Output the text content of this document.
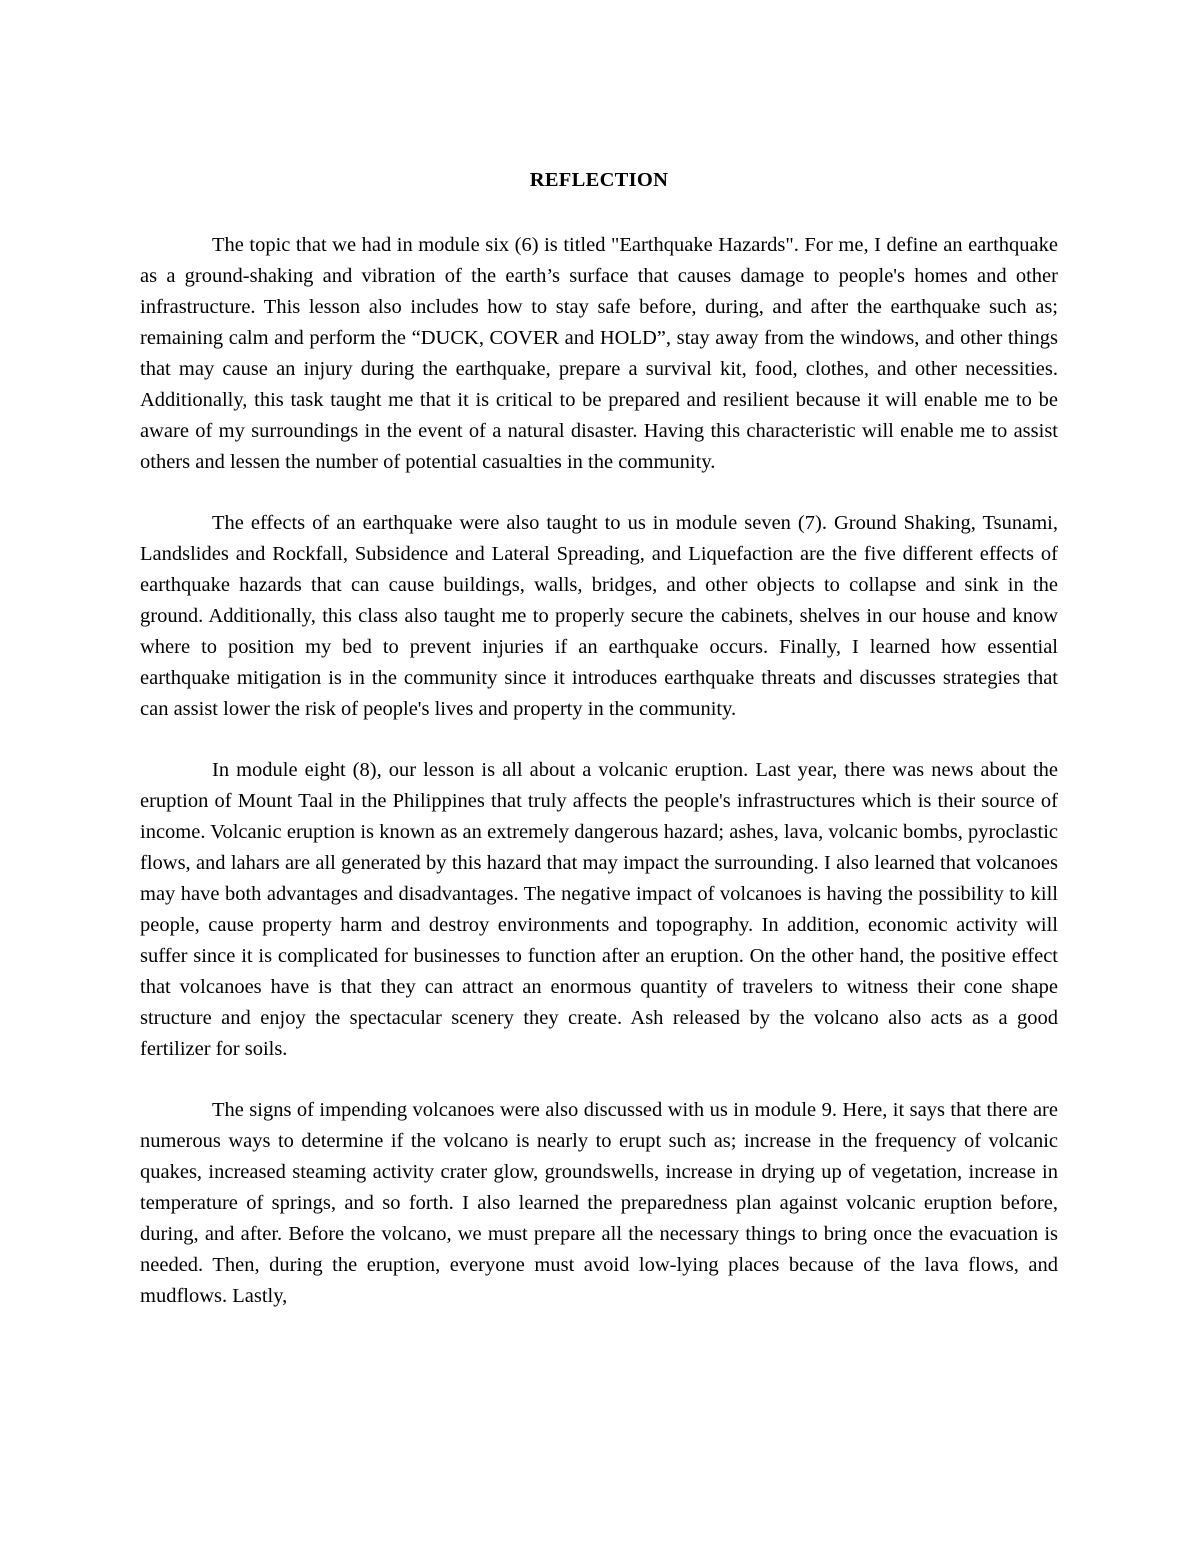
REFLECTION

The topic that we had in module six (6) is titled "Earthquake Hazards". For me, I define an earthquake as a ground-shaking and vibration of the earth’s surface that causes damage to people's homes and other infrastructure. This lesson also includes how to stay safe before, during, and after the earthquake such as; remaining calm and perform the “DUCK, COVER and HOLD”, stay away from the windows, and other things that may cause an injury during the earthquake, prepare a survival kit, food, clothes, and other necessities. Additionally, this task taught me that it is critical to be prepared and resilient because it will enable me to be aware of my surroundings in the event of a natural disaster. Having this characteristic will enable me to assist others and lessen the number of potential casualties in the community.

The effects of an earthquake were also taught to us in module seven (7). Ground Shaking, Tsunami, Landslides and Rockfall, Subsidence and Lateral Spreading, and Liquefaction are the five different effects of earthquake hazards that can cause buildings, walls, bridges, and other objects to collapse and sink in the ground. Additionally, this class also taught me to properly secure the cabinets, shelves in our house and know where to position my bed to prevent injuries if an earthquake occurs. Finally, I learned how essential earthquake mitigation is in the community since it introduces earthquake threats and discusses strategies that can assist lower the risk of people's lives and property in the community.

In module eight (8), our lesson is all about a volcanic eruption. Last year, there was news about the eruption of Mount Taal in the Philippines that truly affects the people's infrastructures which is their source of income. Volcanic eruption is known as an extremely dangerous hazard; ashes, lava, volcanic bombs, pyroclastic flows, and lahars are all generated by this hazard that may impact the surrounding. I also learned that volcanoes may have both advantages and disadvantages. The negative impact of volcanoes is having the possibility to kill people, cause property harm and destroy environments and topography. In addition, economic activity will suffer since it is complicated for businesses to function after an eruption. On the other hand, the positive effect that volcanoes have is that they can attract an enormous quantity of travelers to witness their cone shape structure and enjoy the spectacular scenery they create. Ash released by the volcano also acts as a good fertilizer for soils.

The signs of impending volcanoes were also discussed with us in module 9. Here, it says that there are numerous ways to determine if the volcano is nearly to erupt such as; increase in the frequency of volcanic quakes, increased steaming activity crater glow, groundswells, increase in drying up of vegetation, increase in temperature of springs, and so forth. I also learned the preparedness plan against volcanic eruption before, during, and after. Before the volcano, we must prepare all the necessary things to bring once the evacuation is needed. Then, during the eruption, everyone must avoid low-lying places because of the lava flows, and mudflows. Lastly,
